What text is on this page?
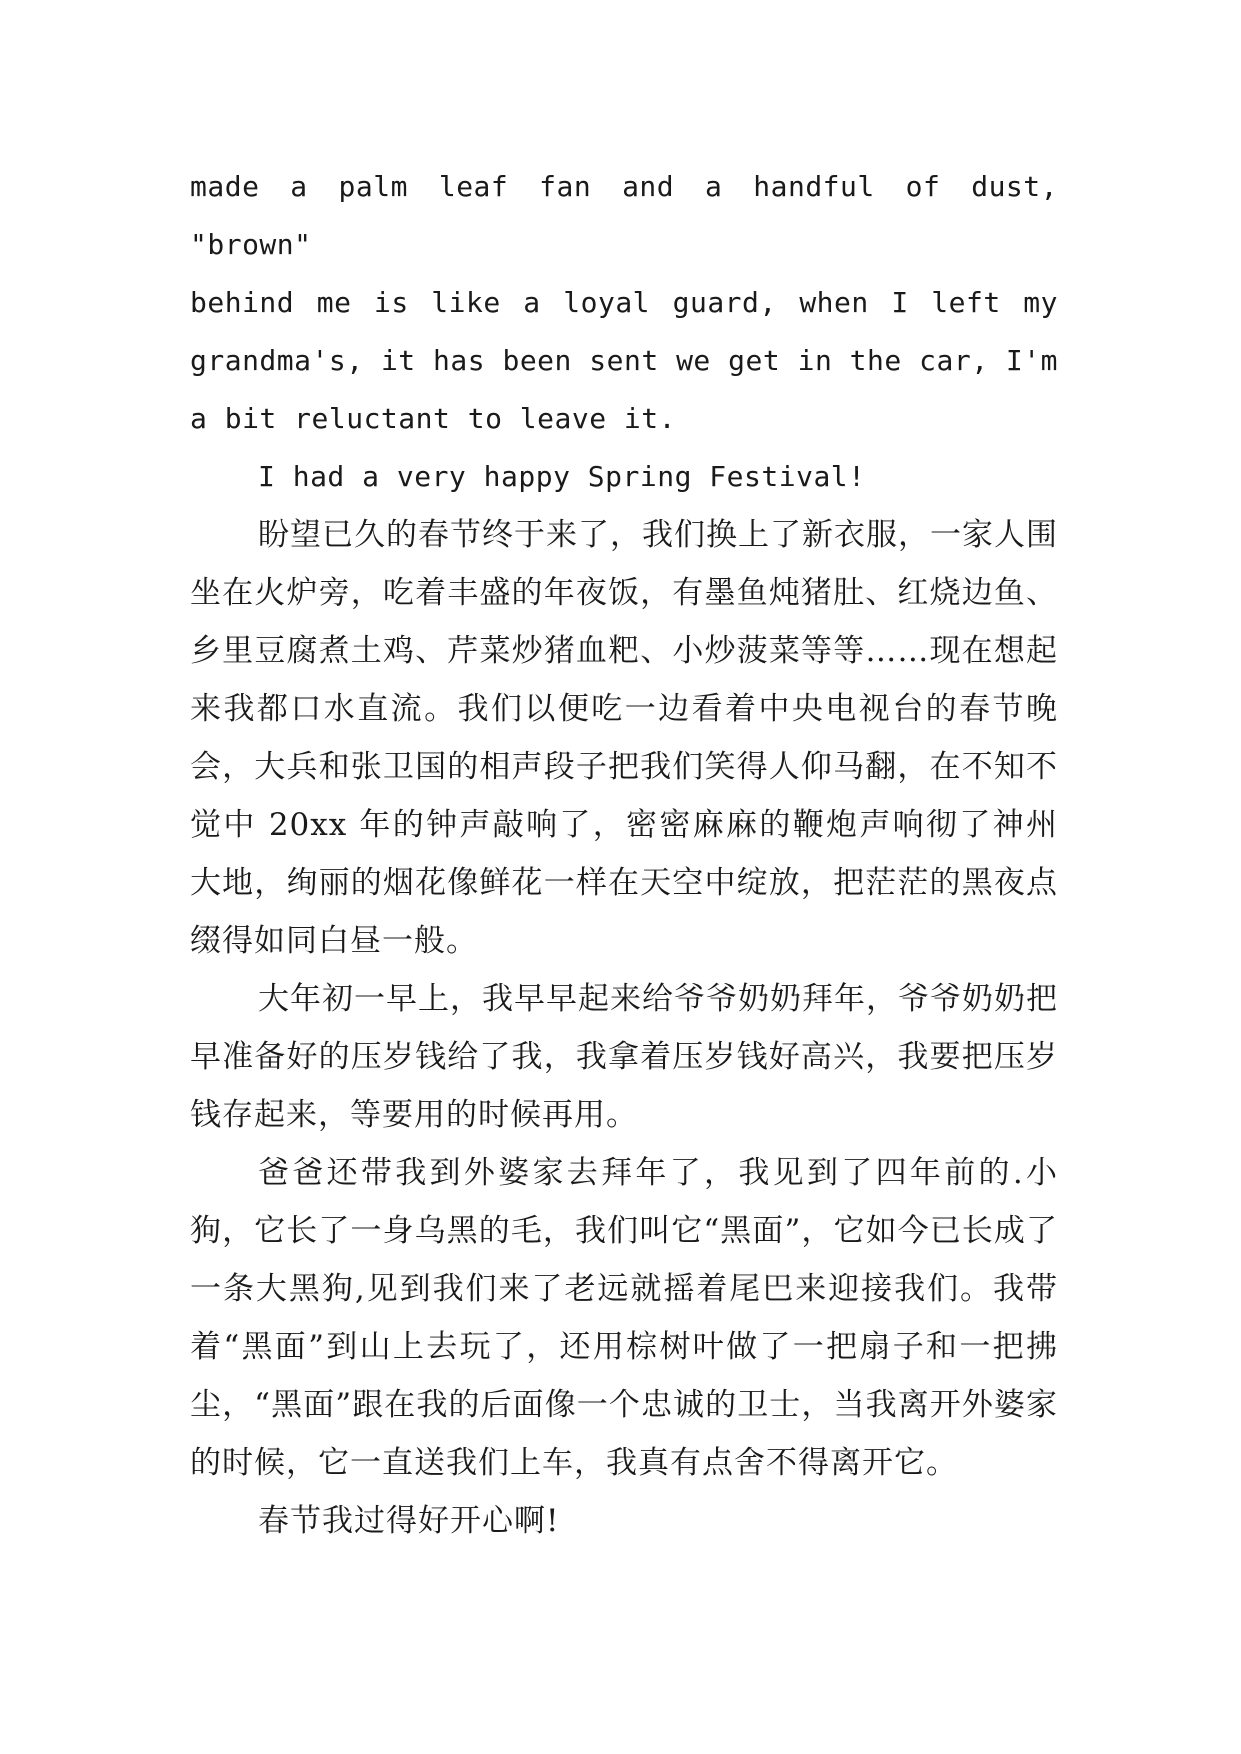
made a palm leaf fan and a handful of dust, "brown"

behind me is like a loyal guard, when I left my

grandma's, it has been sent we get in the car, I'm

a bit reluctant to leave it.

I had a very happy Spring Festival!

盼望已久的春节终于来了，我们换上了新衣服，一家人围坐在火炉旁，吃着丰盛的年夜饭，有墨鱼炖猪肚、红烧边鱼、乡里豆腐煮土鸡、芹菜炒猪血粑、小炒菠菜等等……现在想起来我都口水直流。我们以便吃一边看着中央电视台的春节晚会，大兵和张卫国的相声段子把我们笑得人仰马翻，在不知不觉中 20xx 年的钟声敲响了，密密麻麻的鞭炮声响彻了神州大地，绚丽的烟花像鲜花一样在天空中绽放，把茫茫的黑夜点缀得如同白昼一般。

大年初一早上，我早早起来给爷爷奶奶拜年，爷爷奶奶把早准备好的压岁钱给了我，我拿着压岁钱好高兴，我要把压岁钱存起来，等要用的时候再用。

爸爸还带我到外婆家去拜年了，我见到了四年前的.小狗，它长了一身乌黑的毛，我们叫它“黑面”，它如今已长成了一条大黑狗,见到我们来了老远就摇着尾巴来迎接我们。我带着“黑面”到山上去玩了，还用棕树叶做了一把扇子和一把拂尘，“黑面”跟在我的后面像一个忠诚的卫士，当我离开外婆家的时候，它一直送我们上车，我真有点舍不得离开它。

春节我过得好开心啊!
